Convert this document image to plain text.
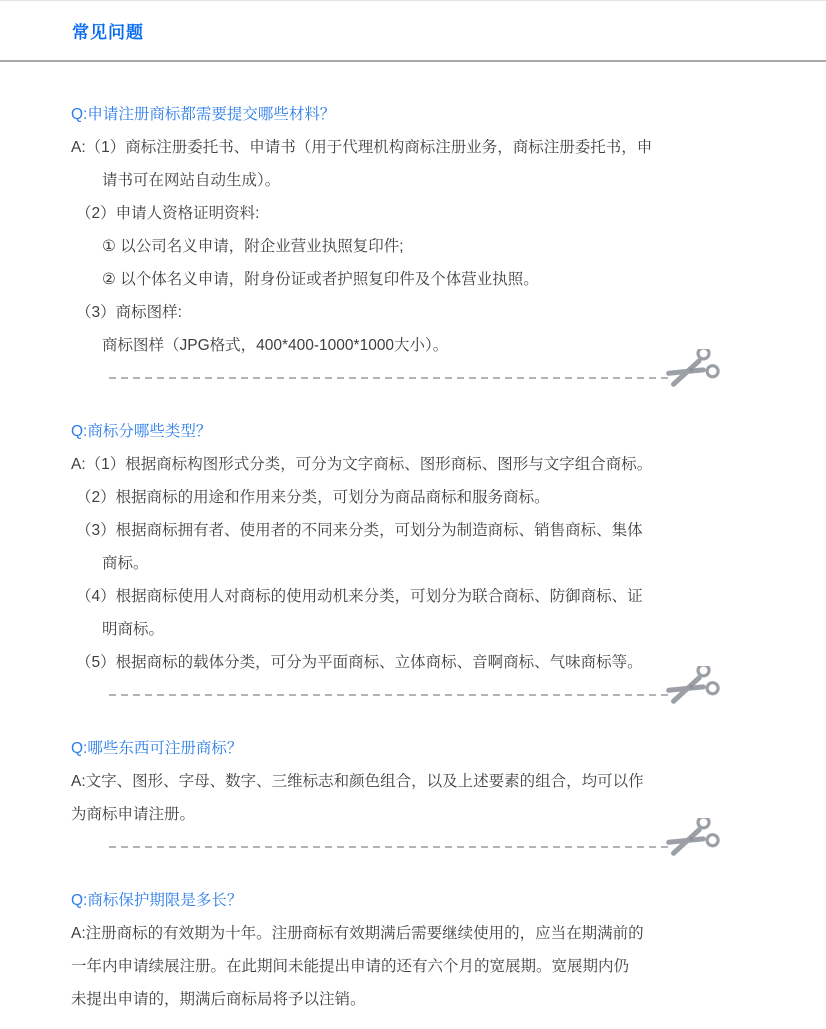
常见问题
Q:申请注册商标都需要提交哪些材料？
A:（1）商标注册委托书、申请书（用于代理机构商标注册业务，商标注册委托书，申
请书可在网站自动生成）。
（2）申请人资格证明资料:
① 以公司名义申请，附企业营业执照复印件;
② 以个体名义申请，附身份证或者护照复印件及个体营业执照。
（3）商标图样:
商标图样（JPG格式，400*400-1000*1000大小）。
Q:商标分哪些类型？
A:（1）根据商标构图形式分类，可分为文字商标、图形商标、图形与文字组合商标。
（2）根据商标的用途和作用来分类，可划分为商品商标和服务商标。
（3）根据商标拥有者、使用者的不同来分类，可划分为制造商标、销售商标、集体
商标。
（4）根据商标使用人对商标的使用动机来分类，可划分为联合商标、防御商标、证
明商标。
（5）根据商标的载体分类，可分为平面商标、立体商标、音啊商标、气味商标等。
Q:哪些东西可注册商标？
A:文字、图形、字母、数字、三维标志和颜色组合，以及上述要素的组合，均可以作
为商标申请注册。
Q:商标保护期限是多长？
A:注册商标的有效期为十年。注册商标有效期满后需要继续使用的，应当在期满前的
一年内申请续展注册。在此期间未能提出申请的还有六个月的宽展期。宽展期内仍
未提出申请的，期满后商标局将予以注销。
